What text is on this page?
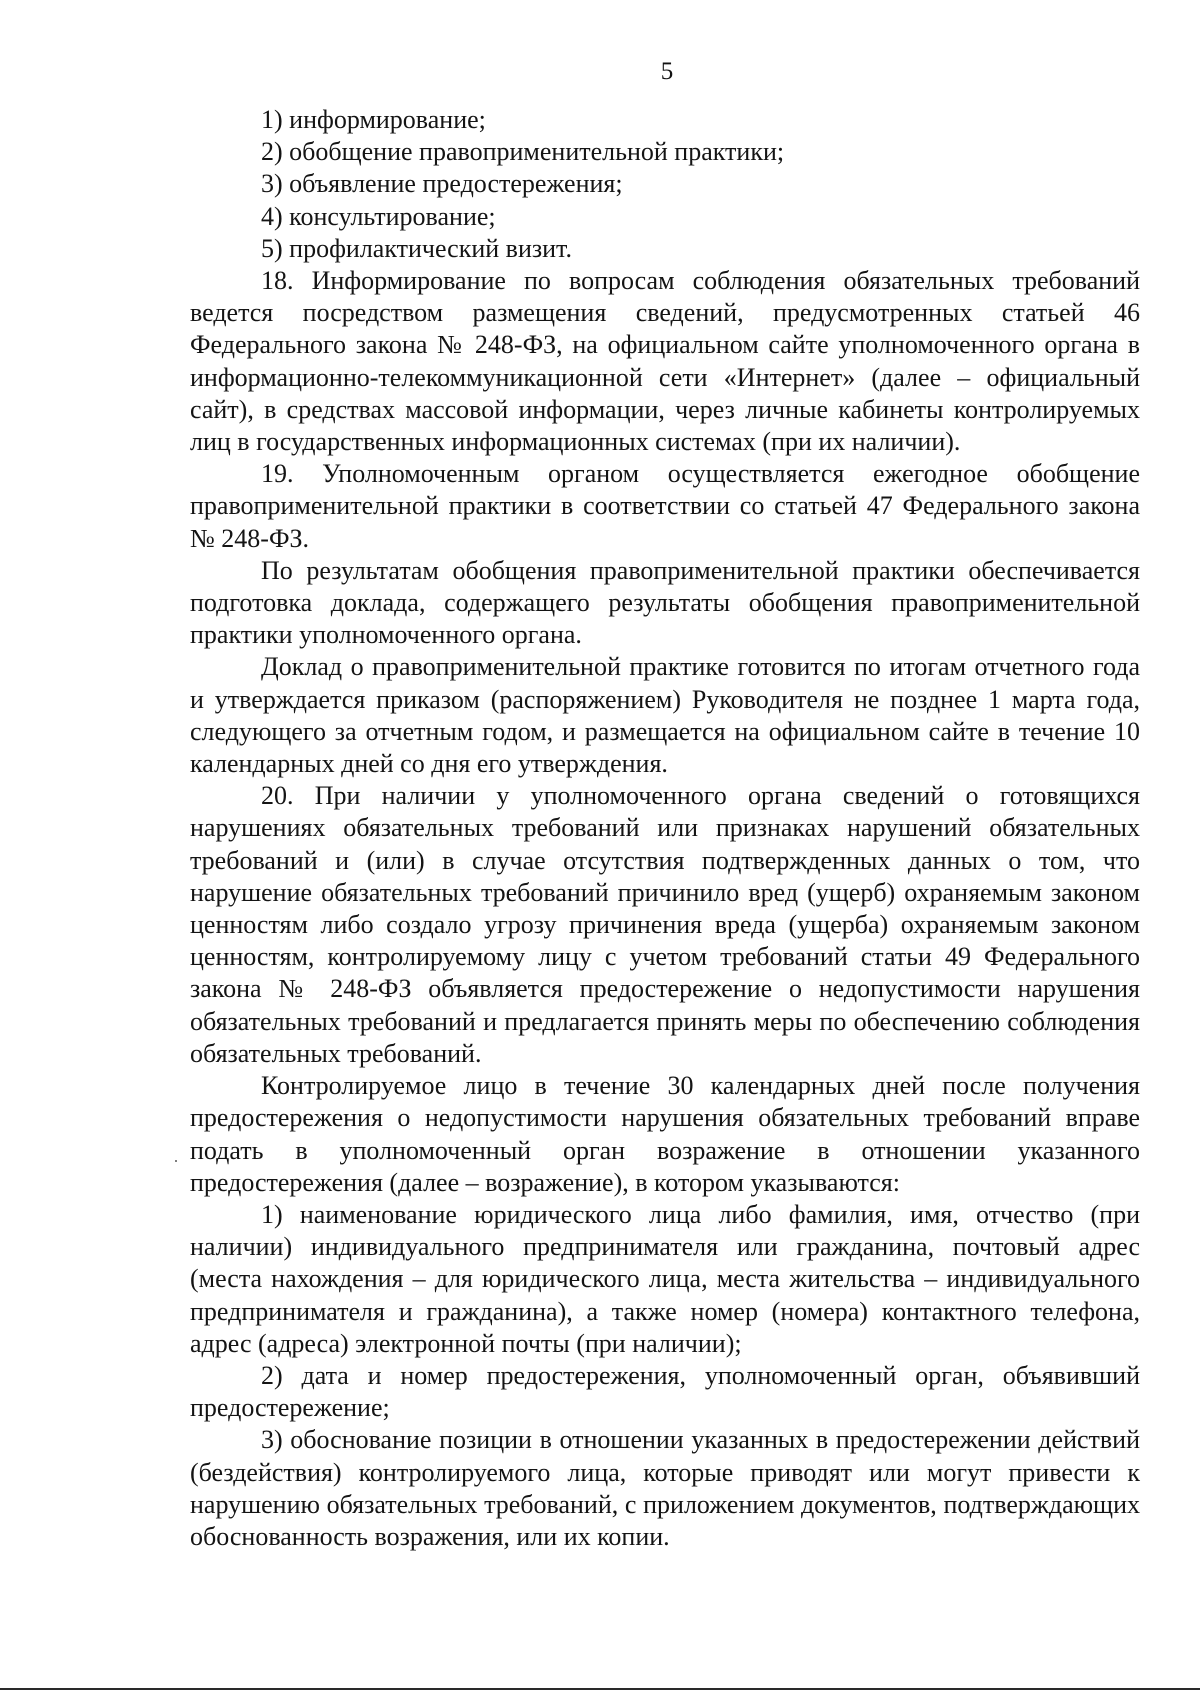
5
1) информирование;
2) обобщение правоприменительной практики;
3) объявление предостережения;
4) консультирование;
5) профилактический визит.

18. Информирование по вопросам соблюдения обязательных требований ведется посредством размещения сведений, предусмотренных статьей 46 Федерального закона № 248-ФЗ, на официальном сайте уполномоченного органа в информационно-телекоммуникационной сети «Интернет» (далее – официальный сайт), в средствах массовой информации, через личные кабинеты контролируемых лиц в государственных информационных системах (при их наличии).

19. Уполномоченным органом осуществляется ежегодное обобщение правоприменительной практики в соответствии со статьей 47 Федерального закона № 248-ФЗ.

По результатам обобщения правоприменительной практики обеспечивается подготовка доклада, содержащего результаты обобщения правоприменительной практики уполномоченного органа.

Доклад о правоприменительной практике готовится по итогам отчетного года и утверждается приказом (распоряжением) Руководителя не позднее 1 марта года, следующего за отчетным годом, и размещается на официальном сайте в течение 10 календарных дней со дня его утверждения.

20. При наличии у уполномоченного органа сведений о готовящихся нарушениях обязательных требований или признаках нарушений обязательных требований и (или) в случае отсутствия подтвержденных данных о том, что нарушение обязательных требований причинило вред (ущерб) охраняемым законом ценностям либо создало угрозу причинения вреда (ущерба) охраняемым законом ценностям, контролируемому лицу с учетом требований статьи 49 Федерального закона № 248-ФЗ объявляется предостережение о недопустимости нарушения обязательных требований и предлагается принять меры по обеспечению соблюдения обязательных требований.

Контролируемое лицо в течение 30 календарных дней после получения предостережения о недопустимости нарушения обязательных требований вправе подать в уполномоченный орган возражение в отношении указанного предостережения (далее – возражение), в котором указываются:

1) наименование юридического лица либо фамилия, имя, отчество (при наличии) индивидуального предпринимателя или гражданина, почтовый адрес (места нахождения – для юридического лица, места жительства – индивидуального предпринимателя и гражданина), а также номер (номера) контактного телефона, адрес (адреса) электронной почты (при наличии);

2) дата и номер предостережения, уполномоченный орган, объявивший предостережение;

3) обоснование позиции в отношении указанных в предостережении действий (бездействия) контролируемого лица, которые приводят или могут привести к нарушению обязательных требований, с приложением документов, подтверждающих обоснованность возражения, или их копии.
